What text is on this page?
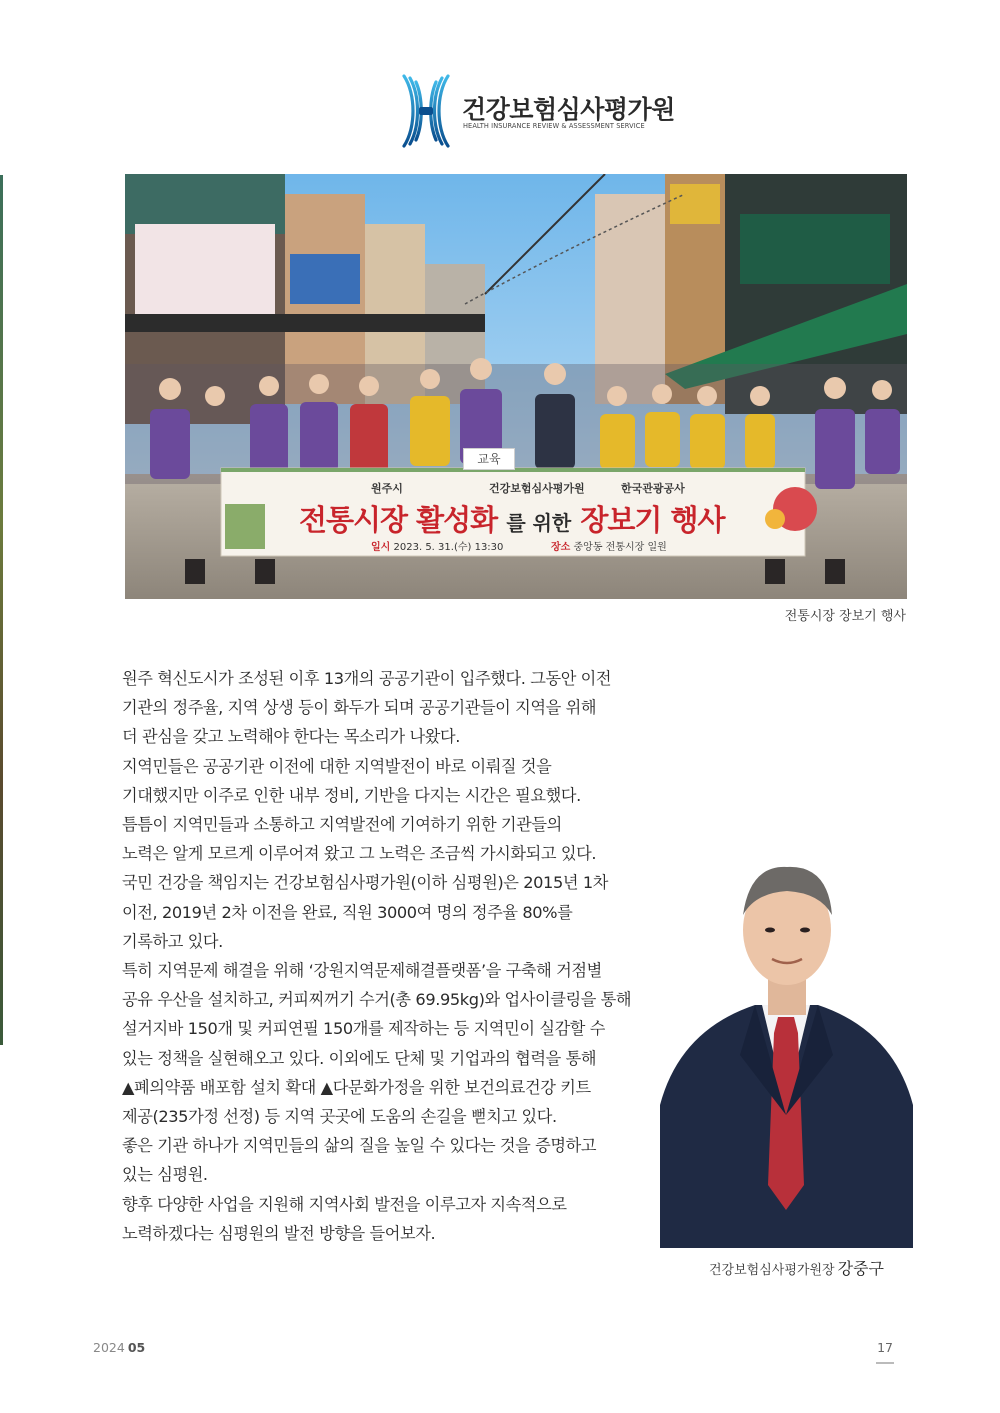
건강보험심사평가원
HEALTH INSURANCE REVIEW & ASSESSMENT SERVICE
교육
원주시	건강보험심사평가원	한국관광공사
전통시장 활성화 를 위한 장보기 행사
일시 2023. 5. 31.(수) 13:30	장소 중앙동 전통시장 일원
전통시장 장보기 행사

원주 혁신도시가 조성된 이후 13개의 공공기관이 입주했다. 그동안 이전

기관의 정주율, 지역 상생 등이 화두가 되며 공공기관들이 지역을 위해

더 관심을 갖고 노력해야 한다는 목소리가 나왔다.

지역민들은 공공기관 이전에 대한 지역발전이 바로 이뤄질 것을

기대했지만 이주로 인한 내부 정비, 기반을 다지는 시간은 필요했다.

틈틈이 지역민들과 소통하고 지역발전에 기여하기 위한 기관들의

노력은 알게 모르게 이루어져 왔고 그 노력은 조금씩 가시화되고 있다.

국민 건강을 책임지는 건강보험심사평가원(이하 심평원)은 2015년 1차

이전, 2019년 2차 이전을 완료, 직원 3000여 명의 정주율 80%를

기록하고 있다.

특히 지역문제 해결을 위해 ‘강원지역문제해결플랫폼’을 구축해 거점별

공유 우산을 설치하고, 커피찌꺼기 수거(총 69.95kg)와 업사이클링을 통해

설거지바 150개 및 커피연필 150개를 제작하는 등 지역민이 실감할 수

있는 정책을 실현해오고 있다. 이외에도 단체 및 기업과의 협력을 통해

▲폐의약품 배포함 설치 확대 ▲다문화가정을 위한 보건의료건강 키트

제공(235가정 선정) 등 지역 곳곳에 도움의 손길을 뻗치고 있다.

좋은 기관 하나가 지역민들의 삶의 질을 높일 수 있다는 것을 증명하고

있는 심평원.

향후 다양한 사업을 지원해 지역사회 발전을 이루고자 지속적으로

노력하겠다는 심평원의 발전 방향을 들어보자.

건강보험심사평가원장 강중구
2024 05	17
